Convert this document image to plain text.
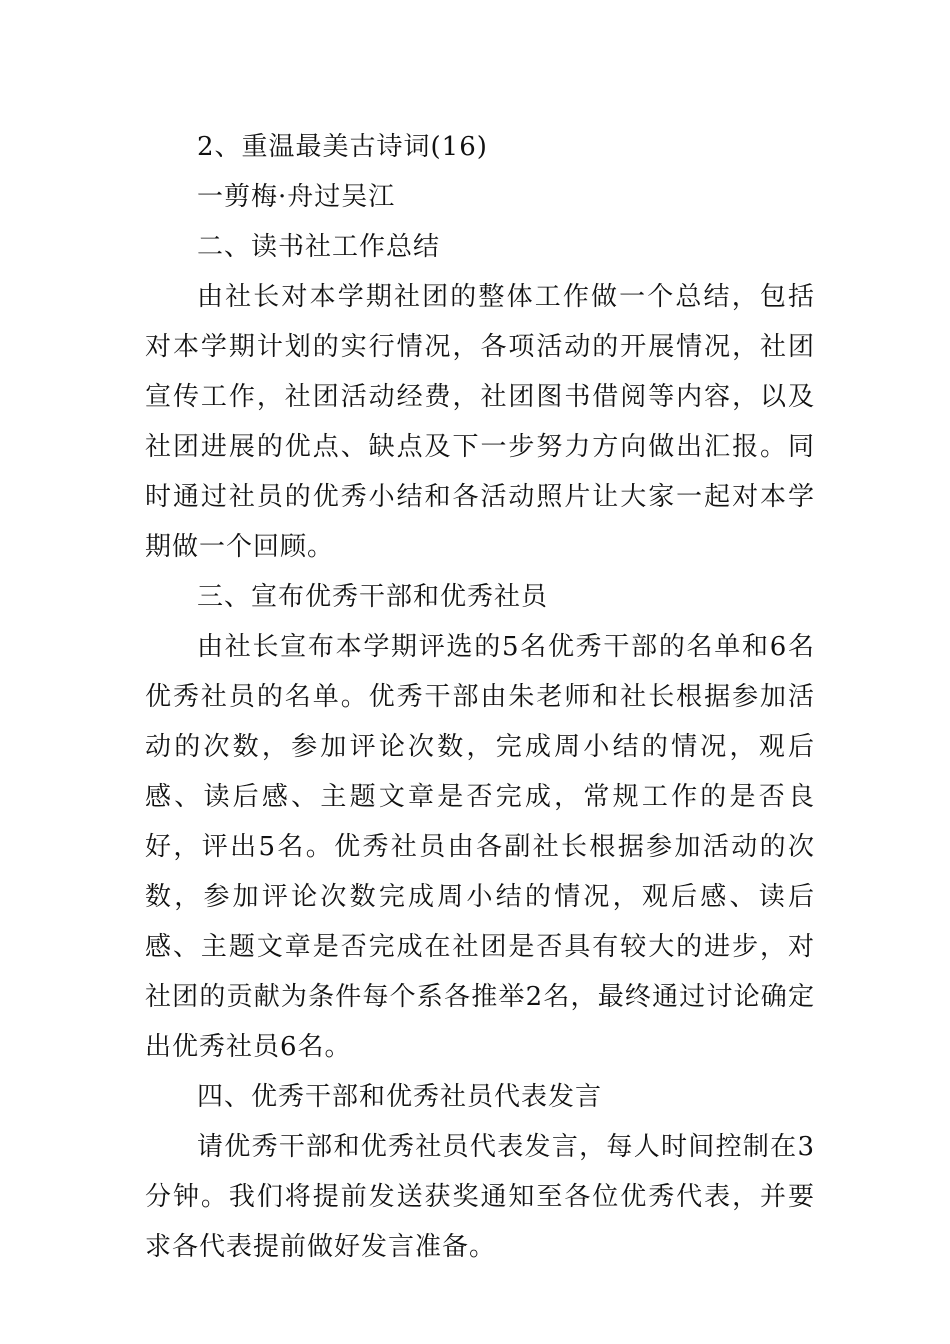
2、重温最美古诗词(16)

一剪梅·舟过吴江

二、读书社工作总结

由社长对本学期社团的整体工作做一个总结，包括对本学期计划的实行情况，各项活动的开展情况，社团宣传工作，社团活动经费，社团图书借阅等内容，以及社团进展的优点、缺点及下一步努力方向做出汇报。同时通过社员的优秀小结和各活动照片让大家一起对本学期做一个回顾。

三、宣布优秀干部和优秀社员

由社长宣布本学期评选的5名优秀干部的名单和6名优秀社员的名单。优秀干部由朱老师和社长根据参加活动的次数，参加评论次数，完成周小结的情况，观后感、读后感、主题文章是否完成，常规工作的是否良好，评出5名。优秀社员由各副社长根据参加活动的次数，参加评论次数完成周小结的情况，观后感、读后感、主题文章是否完成在社团是否具有较大的进步，对社团的贡献为条件每个系各推举2名，最终通过讨论确定出优秀社员6名。

四、优秀干部和优秀社员代表发言

请优秀干部和优秀社员代表发言，每人时间控制在3分钟。我们将提前发送获奖通知至各位优秀代表，并要求各代表提前做好发言准备。
